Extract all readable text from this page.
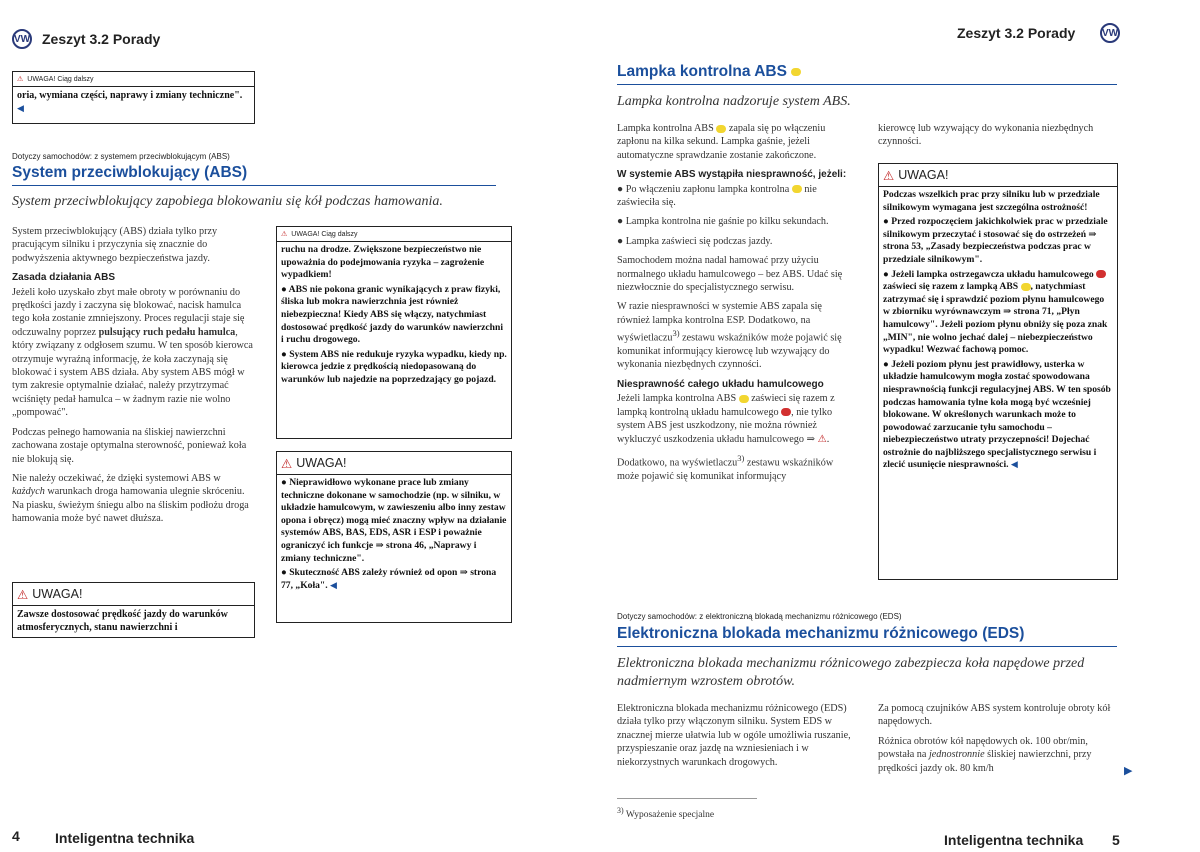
VW Zeszyt 3.2 Porady
⚠ UWAGA! Ciąg dalszy
oria, wymiana części, naprawy i zmiany techniczne". ◀
Dotyczy samochodów: z systemem przeciwblokującym (ABS)
System przeciwblokujący (ABS)
System przeciwblokujący zapobiega blokowaniu się kół podczas hamowania.

System przeciwblokujący (ABS) działa tylko przy pracującym silniku i przyczynia się znacznie do podwyższenia aktywnego bezpieczeństwa jazdy.

Zasada działania ABS

Jeżeli koło uzyskało zbyt małe obroty w porównaniu do prędkości jazdy i zaczyna się blokować, nacisk hamulca tego koła zostanie zmniejszony. Proces regulacji staje się odczuwalny poprzez pulsujący ruch pedału hamulca, który związany z odgłosem szumu. W ten sposób kierowca otrzymuje wyraźną informację, że koła zaczynają się blokować i system ABS działa. Aby system ABS mógł w tym zakresie optymalnie działać, należy przytrzymać wciśnięty pedał hamulca – w żadnym razie nie wolno „pompować".

Podczas pełnego hamowania na śliskiej nawierzchni zachowana zostaje optymalna sterowność, ponieważ koła nie blokują się.

Nie należy oczekiwać, że dzięki systemowi ABS w każdych warunkach droga hamowania ulegnie skróceniu. Na piasku, świeżym śniegu albo na śliskim podłożu droga hamowania może być nawet dłuższa.

⚠ UWAGA!
Zawsze dostosować prędkość jazdy do warunków atmosferycznych, stanu nawierzchni i
⚠ UWAGA! Ciąg dalszy

ruchu na drodze. Zwiększone bezpieczeństwo nie upoważnia do podejmowania ryzyka – zagrożenie wypadkiem!

● ABS nie pokona granic wynikających z praw fizyki, śliska lub mokra nawierzchnia jest również niebezpieczna! Kiedy ABS się włączy, natychmiast dostosować prędkość jazdy do warunków nawierzchni i ruchu drogowego.

● System ABS nie redukuje ryzyka wypadku, kiedy np. kierowca jedzie z prędkością niedopasowaną do warunków lub najedzie na poprzedzający go pojazd.

⚠ UWAGA!

● Nieprawidłowo wykonane prace lub zmiany techniczne dokonane w samochodzie (np. w silniku, w układzie hamulcowym, w zawieszeniu albo inny zestaw opona i obręcz) mogą mieć znaczny wpływ na działanie systemów ABS, BAS, EDS, ASR i ESP i poważnie ograniczyć ich funkcje ⇒ strona 46, „Naprawy i zmiany techniczne".

● Skuteczność ABS zależy również od opon ⇒ strona 77, „Koła". ◀

4	Inteligentna technika
Zeszyt 3.2 Porady	VW
Lampka kontrolna ABS
Lampka kontrolna nadzoruje system ABS.

Lampka kontrolna ABS  zapala się po włączeniu zapłonu na kilka sekund. Lampka gaśnie, jeżeli automatyczne sprawdzanie zostanie zakończone.

W systemie ABS wystąpiła niesprawność, jeżeli:

● Po włączeniu zapłonu lampka kontrolna  nie zaświeciła się.

● Lampka kontrolna nie gaśnie po kilku sekundach.

● Lampka zaświeci się podczas jazdy.

Samochodem można nadal hamować przy użyciu normalnego układu hamulcowego – bez ABS. Udać się niezwłocznie do specjalistycznego serwisu.

W razie niesprawności w systemie ABS zapala się również lampka kontrolna ESP. Dodatkowo, na wyświetlaczu$^{3)}$ zestawu wskaźników może pojawić się komunikat informujący kierowcę lub wzywający do wykonania niezbędnych czynności.

Niesprawność całego układu hamulcowego

Jeżeli lampka kontrolna ABS  zaświeci się razem z lampką kontrolną układu hamulcowego , nie tylko system ABS jest uszkodzony, nie można również wykluczyć uszkodzenia układu hamulcowego ⇒ ⚠.

Dodatkowo, na wyświetlaczu$^{3)}$ zestawu wskaźników może pojawić się komunikat informujący

kierowcę lub wzywający do wykonania niezbędnych czynności.

⚠ UWAGA!

Podczas wszelkich prac przy silniku lub w przedziale silnikowym wymagana jest szczególna ostrożność!

● Przed rozpoczęciem jakichkolwiek prac w przedziale silnikowym przeczytać i stosować się do ostrzeżeń ⇒ strona 53, „Zasady bezpieczeństwa podczas prac w przedziale silnikowym".

● Jeżeli lampka ostrzegawcza układu hamulcowego  zaświeci się razem z lampką ABS , natychmiast zatrzymać się i sprawdzić poziom płynu hamulcowego w zbiorniku wyrównawczym ⇒ strona 71, „Płyn hamulcowy". Jeżeli poziom płynu obniży się poza znak „MIN", nie wolno jechać dalej – niebezpieczeństwo wypadku! Wezwać fachową pomoc.

● Jeżeli poziom płynu jest prawidłowy, usterka w układzie hamulcowym mogła zostać spowodowana niesprawnością funkcji regulacyjnej ABS. W ten sposób podczas hamowania tylne koła mogą być wcześniej blokowane. W określonych warunkach może to powodować zarzucanie tyłu samochodu – niebezpieczeństwo utraty przyczepności! Dojechać ostrożnie do najbliższego specjalistycznego serwisu i zlecić usunięcie niesprawności. ◀

Dotyczy samochodów: z elektroniczną blokadą mechanizmu różnicowego (EDS)
Elektroniczna blokada mechanizmu różnicowego (EDS)
Elektroniczna blokada mechanizmu różnicowego zabezpiecza koła napędowe przed nadmiernym wzrostem obrotów.

Elektroniczna blokada mechanizmu różnicowego (EDS) działa tylko przy włączonym silniku. System EDS w znacznej mierze ułatwia lub w ogóle umożliwia ruszanie, przyspieszanie oraz jazdę na wzniesieniach i w niekorzystnych warunkach drogowych.

Za pomocą czujników ABS system kontroluje obroty kół napędowych.

Różnica obrotów kół napędowych ok. 100 obr/min, powstała na jednostronnie śliskiej nawierzchni, przy prędkości jazdy ok. 80 km/h	▶
$^{3)}$ Wyposażenie specjalne
Inteligentna technika 5
